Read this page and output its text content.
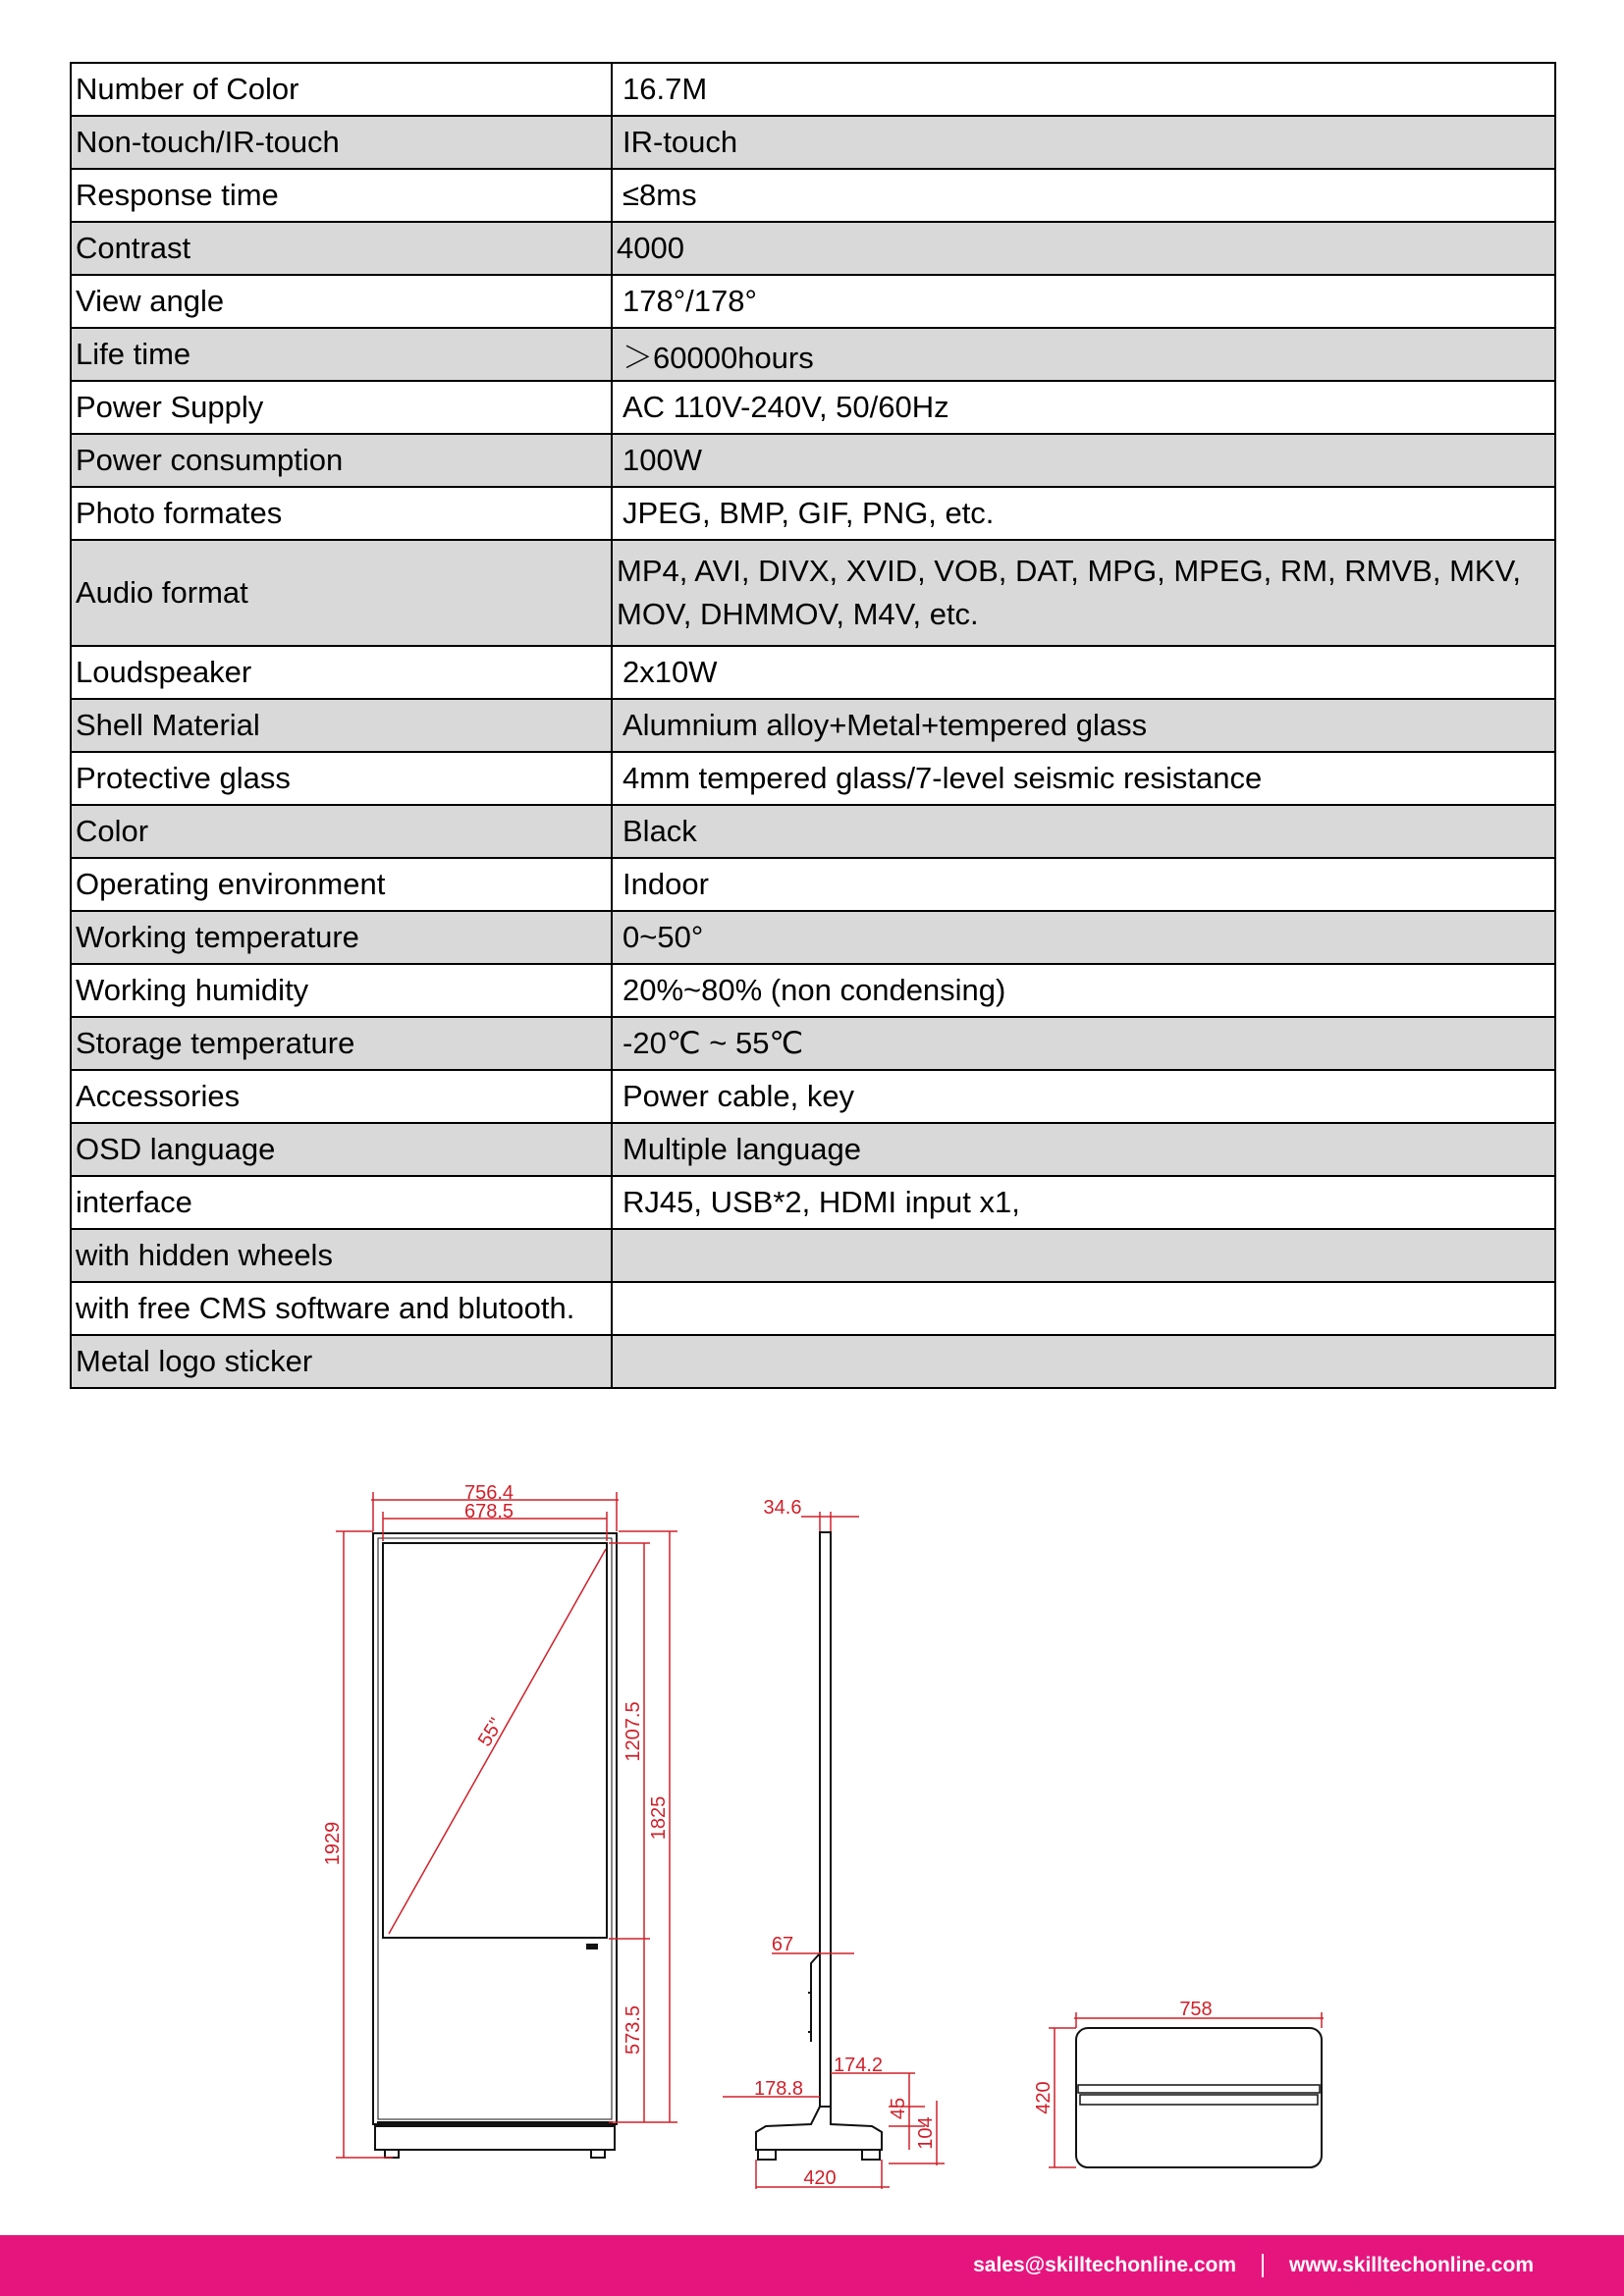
Number of Color	16.7M
Non-touch/IR-touch	IR-touch
Response time	≤8ms
Contrast	4000
View angle	178°/178°
Life time	＞60000hours
Power Supply	AC 110V-240V, 50/60Hz
Power consumption	100W
Photo formates	JPEG, BMP, GIF, PNG, etc.
Audio format	MP4, AVI, DIVX, XVID, VOB, DAT, MPG, MPEG, RM, RMVB, MKV, MOV, DHMMOV, M4V, etc.
Loudspeaker	2x10W
Shell Material	Alumnium alloy+Metal+tempered glass
Protective glass	4mm tempered glass/7-level seismic resistance
Color	Black
Operating environment	Indoor
Working temperature	0~50°
Working humidity	20%~80% (non condensing)
Storage temperature	-20℃ ~ 55℃
Accessories	Power cable, key
OSD language	Multiple language
interface	RJ45, USB*2, HDMI input x1,
with hidden wheels	
with free CMS software and blutooth.	
Metal logo sticker	
756.4
678.5
1929
1207.5
1825
573.5
55"
34.6
67
174.2
178.8
45
104
420
758
420
sales@skilltechonline.com	www.skilltechonline.com
